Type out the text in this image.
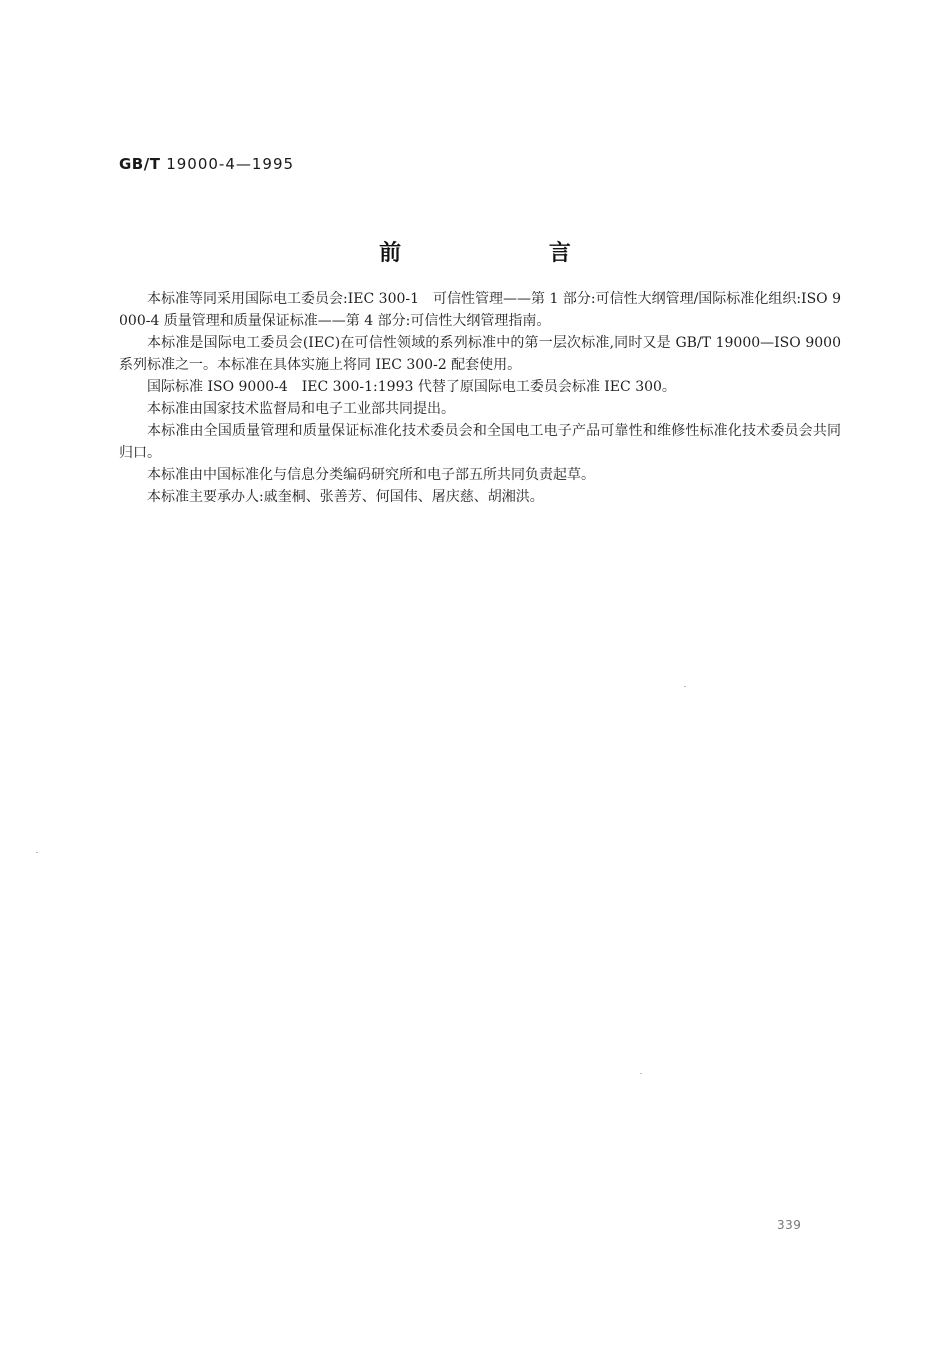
GB/T 19000-4—1995
前 言

本标准等同采用国际电工委员会:IEC 300-1　可信性管理——第 1 部分:可信性大纲管理/国际标准化组织:ISO 9000-4 质量管理和质量保证标准——第 4 部分:可信性大纲管理指南。

本标准是国际电工委员会(IEC)在可信性领域的系列标准中的第一层次标准,同时又是 GB/T 19000—ISO 9000 系列标准之一。本标准在具体实施上将同 IEC 300-2 配套使用。

国际标准 ISO 9000-4　IEC 300-1:1993 代替了原国际电工委员会标准 IEC 300。

本标准由国家技术监督局和电子工业部共同提出。

本标准由全国质量管理和质量保证标准化技术委员会和全国电工电子产品可靠性和维修性标准化技术委员会共同归口。

本标准由中国标准化与信息分类编码研究所和电子部五所共同负责起草。

本标准主要承办人:戚奎桐、张善芳、何国伟、屠庆慈、胡湘洪。

339
